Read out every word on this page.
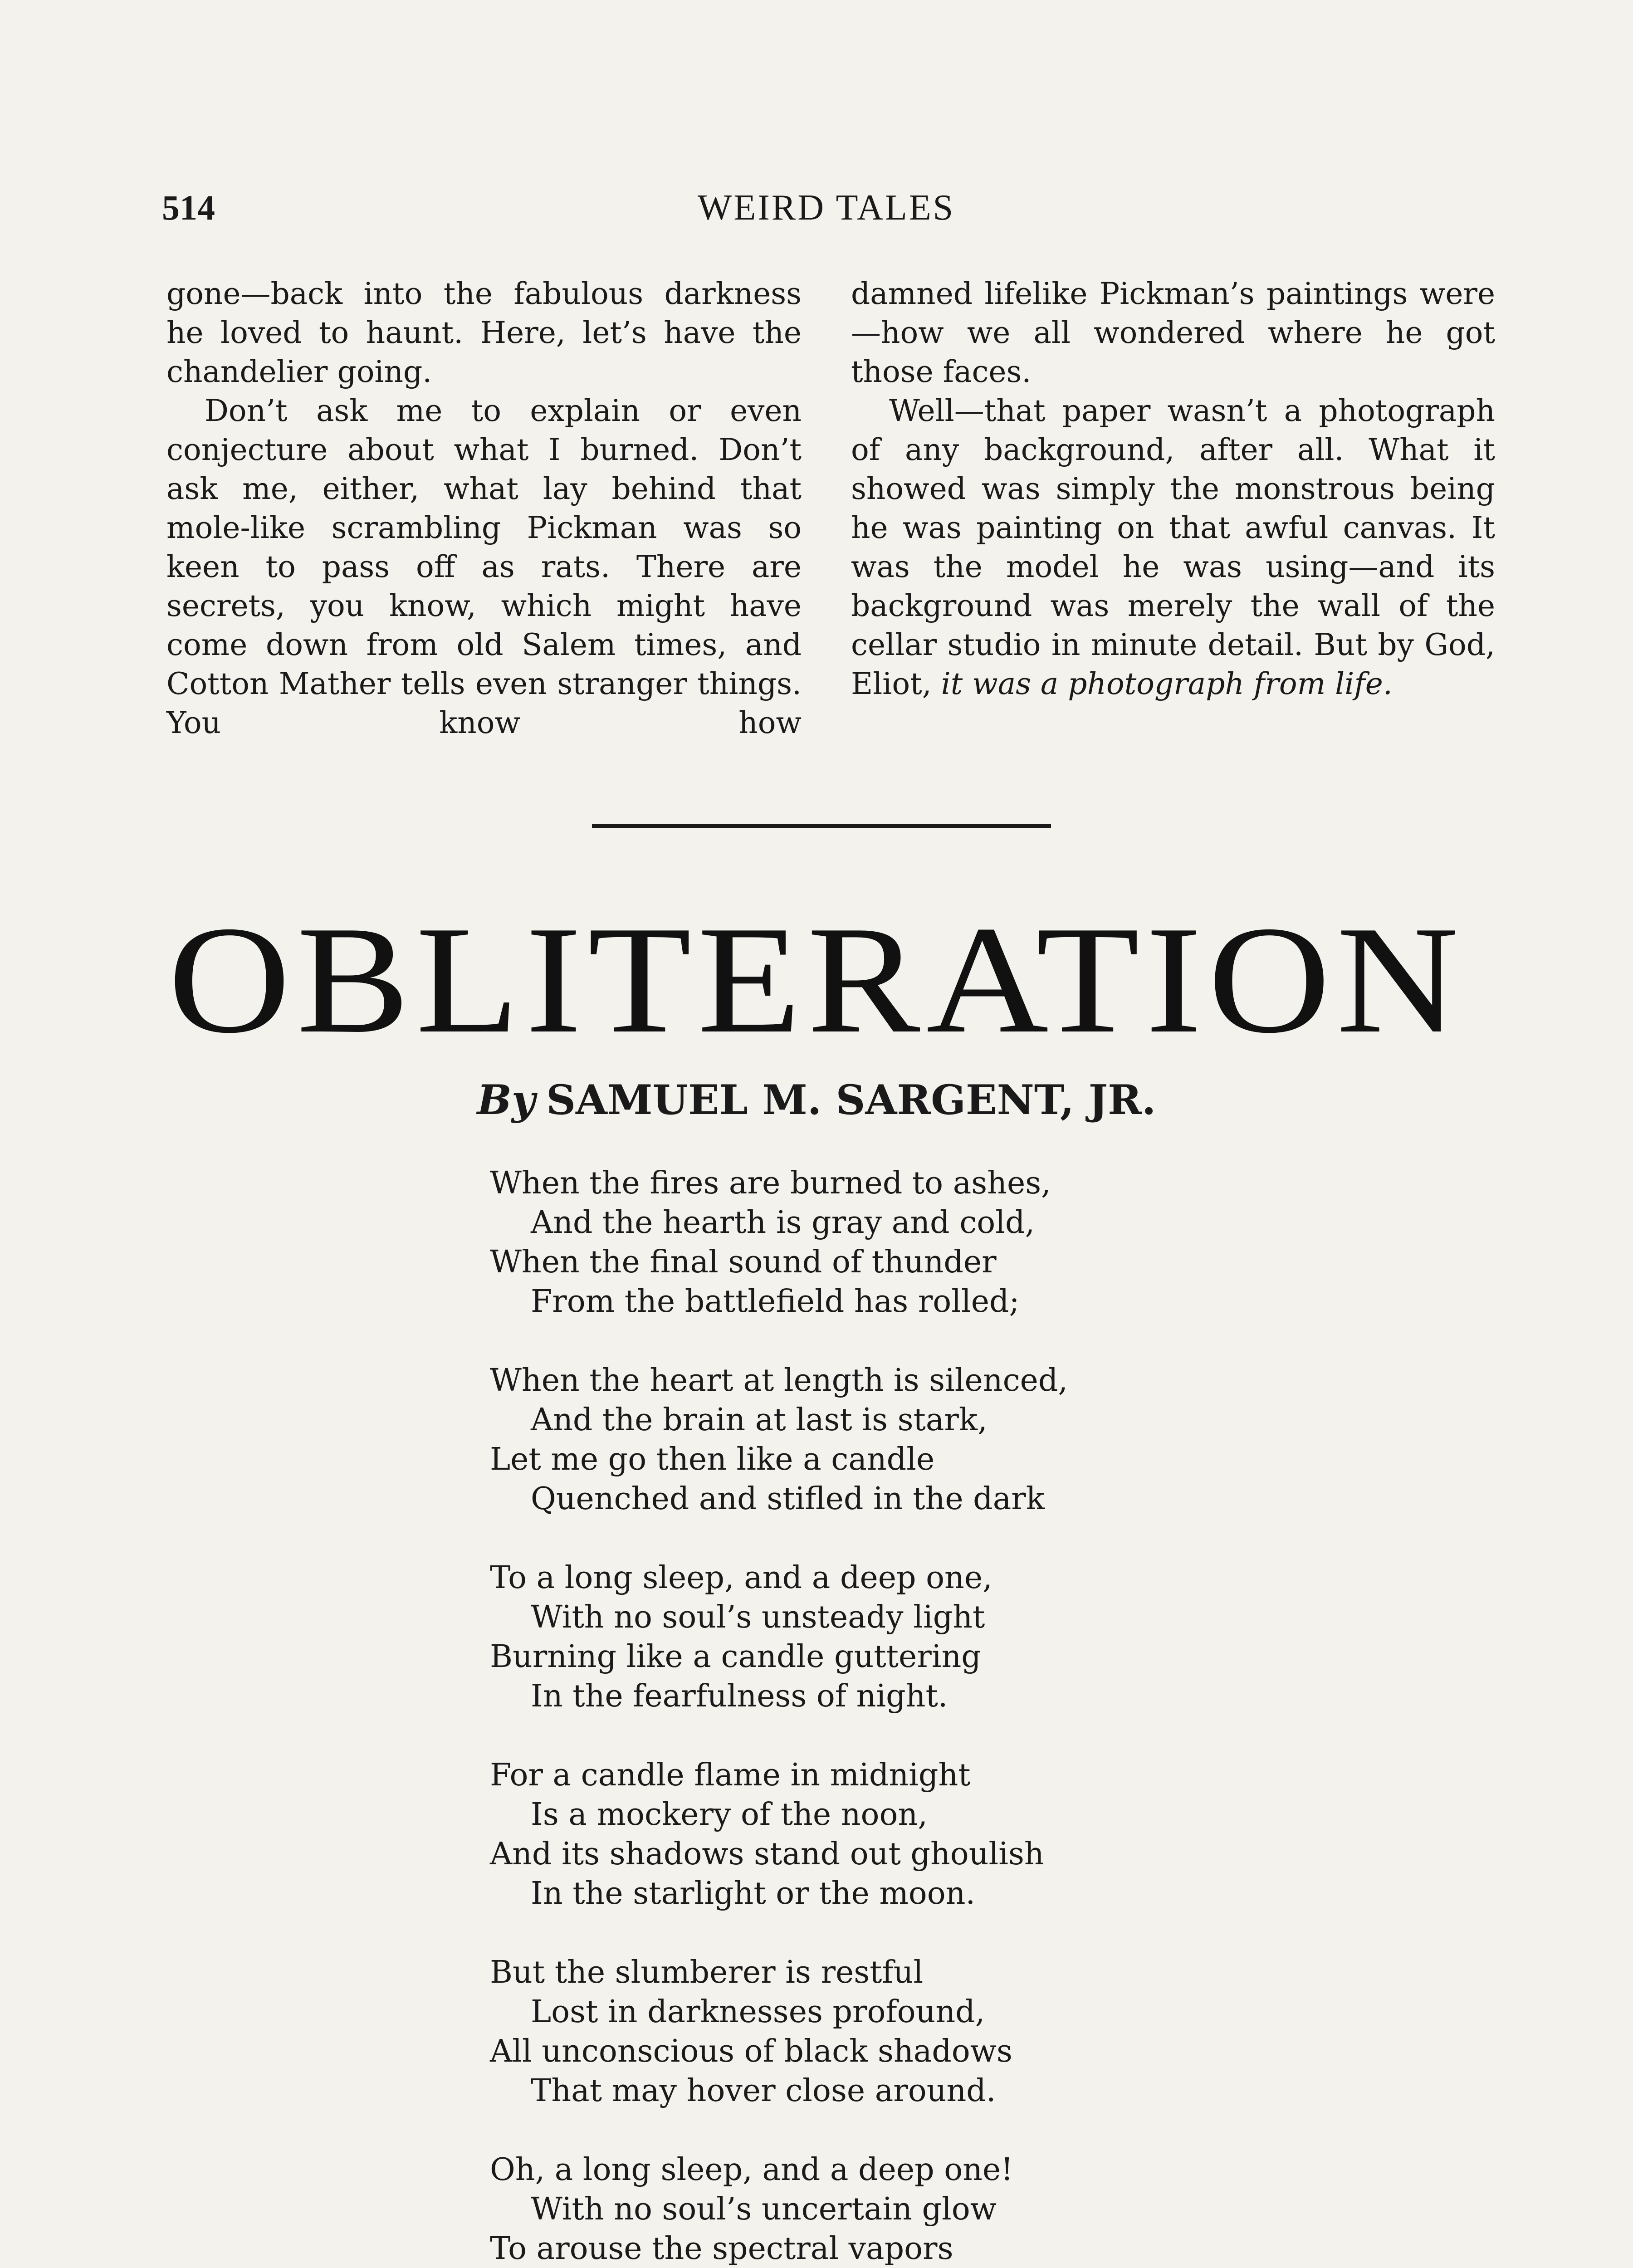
514	WEIRD TALES

gone—back into the fabulous darkness he loved to haunt. Here, let’s have the chandelier going.

Don’t ask me to explain or even conjecture about what I burned. Don’t ask me, either, what lay behind that mole-like scrambling Pickman was so keen to pass off as rats. There are secrets, you know, which might have come down from old Salem times, and Cotton Mather tells even stranger things. You know how

damned lifelike Pickman’s paintings were—how we all wondered where he got those faces.

Well—that paper wasn’t a photograph of any background, after all. What it showed was simply the monstrous being he was painting on that awful canvas. It was the model he was using—and its background was merely the wall of the cellar studio in minute detail. But by God, Eliot, it was a photograph from life.

OBLITERATION
By SAMUEL M. SARGENT, JR.
When the fires are burned to ashes,
And the hearth is gray and cold,
When the final sound of thunder
From the battlefield has rolled;
When the heart at length is silenced,
And the brain at last is stark,
Let me go then like a candle
Quenched and stifled in the dark
To a long sleep, and a deep one,
With no soul’s unsteady light
Burning like a candle guttering
In the fearfulness of night.
For a candle flame in midnight
Is a mockery of the noon,
And its shadows stand out ghoulish
In the starlight or the moon.
But the slumberer is restful
Lost in darknesses profound,
All unconscious of black shadows
That may hover close around.
Oh, a long sleep, and a deep one!
With no soul’s uncertain glow
To arouse the spectral vapors
